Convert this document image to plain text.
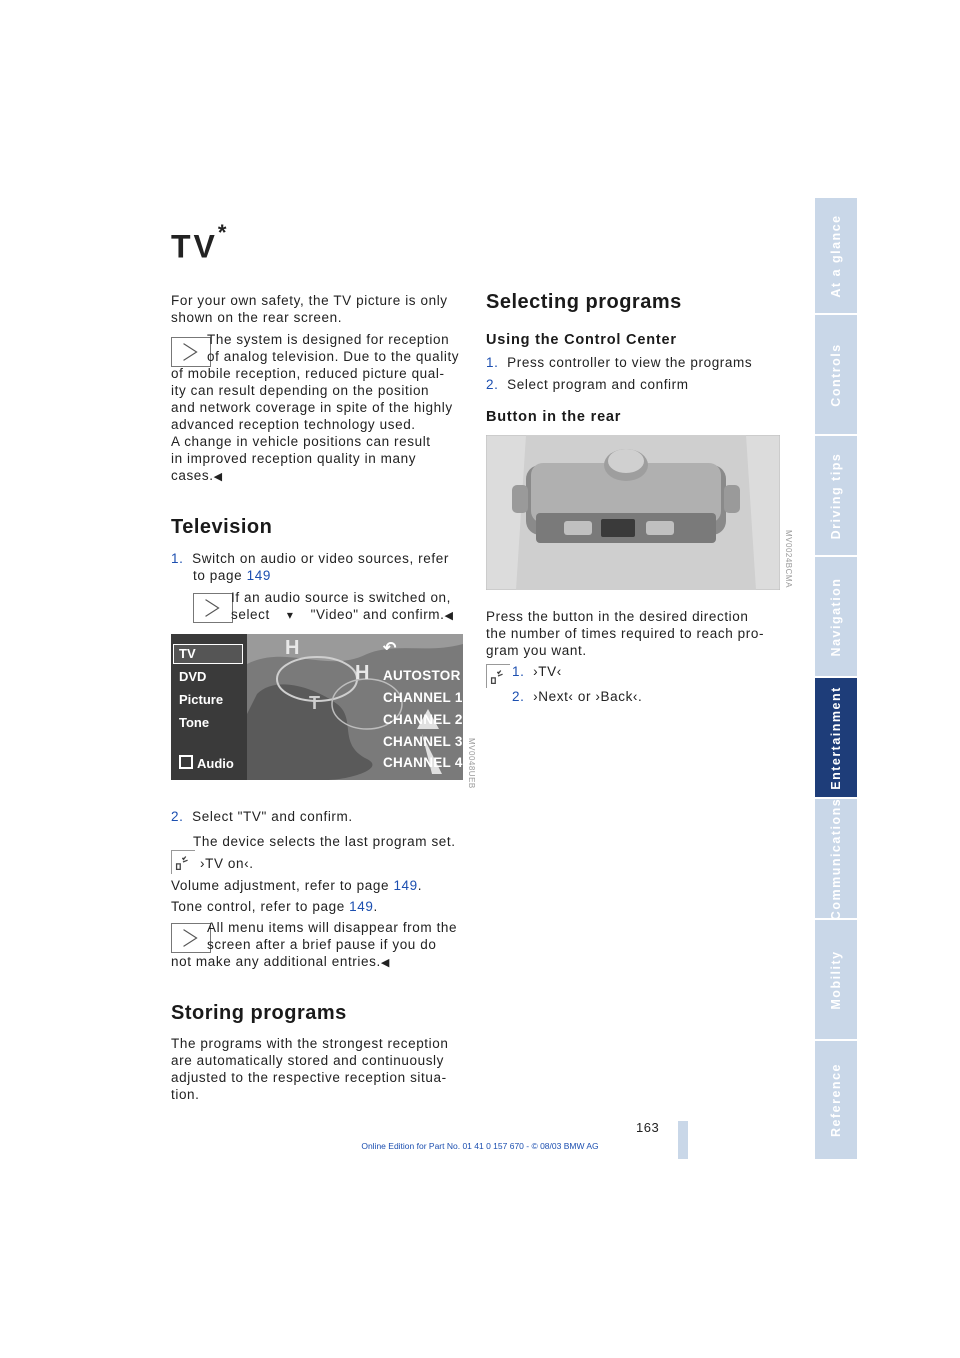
TV*

For your own safety, the TV picture is only shown on the rear screen.

The system is designed for reception

of analog television. Due to the quality

of mobile reception, reduced picture qual-

ity can result depending on the position

and network coverage in spite of the highly

advanced reception technology used.

A change in vehicle positions can result

in improved reception quality in many

cases.◀

Television

1. Switch on audio or video sources, refer

to page 149

If an audio source is switched on,

select ▾ "Video" and confirm.◀

H
H
T
TV
DVD
Picture
Tone
Audio
↶
AUTOSTOR
CHANNEL 1
CHANNEL 2
CHANNEL 3
CHANNEL 4 MV0048UEB

2. Select "TV" and confirm.

The device selects the last program set.

›TV on‹.

Volume adjustment, refer to page 149.

Tone control, refer to page 149.

All menu items will disappear from the

screen after a brief pause if you do

not make any additional entries.◀

Storing programs

The programs with the strongest reception

are automatically stored and continuously

adjusted to the respective reception situa-

tion.

Selecting programs
Using the Control Center

1. Press controller to view the programs

2. Select program and confirm

Button in the rear
MV0024BCMA

Press the button in the desired direction

the number of times required to reach pro-

gram you want.

1. ›TV‹

2. ›Next‹ or ›Back‹.

At a glance
Controls
Driving tips
Navigation
Entertainment
Communications
Mobility
Reference
163
Online Edition for Part No. 01 41 0 157 670 - © 08/03 BMW AG
